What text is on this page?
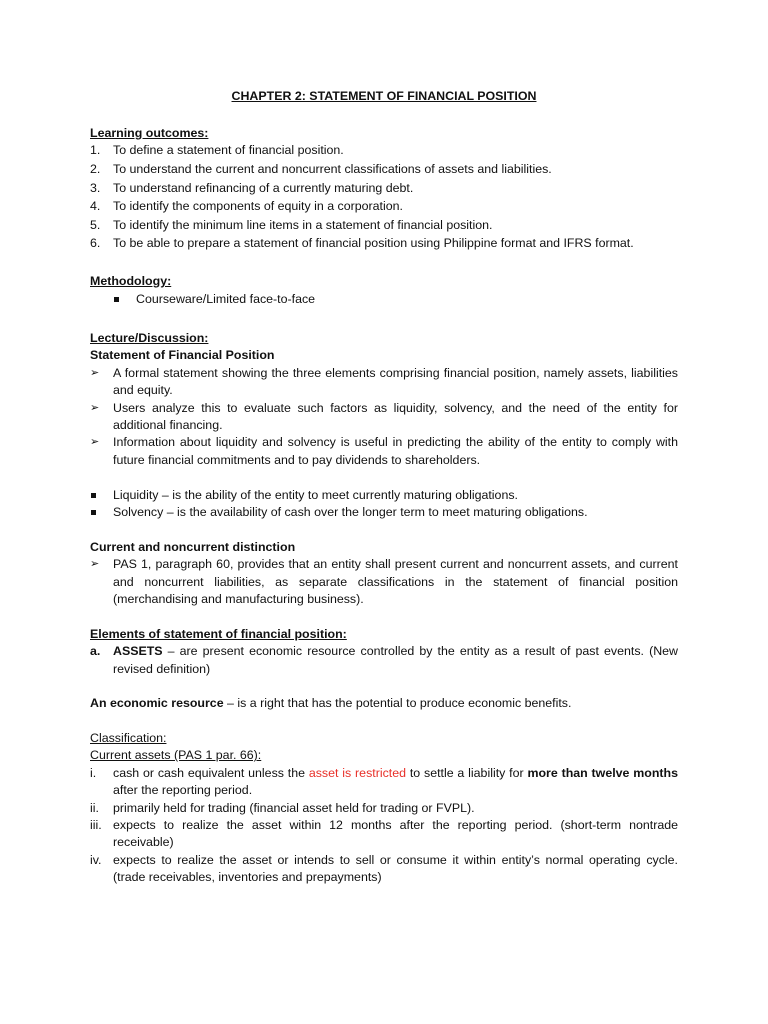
CHAPTER 2: STATEMENT OF FINANCIAL POSITION
Learning outcomes:
1. To define a statement of financial position.
2. To understand the current and noncurrent classifications of assets and liabilities.
3. To understand refinancing of a currently maturing debt.
4. To identify the components of equity in a corporation.
5. To identify the minimum line items in a statement of financial position.
6. To be able to prepare a statement of financial position using Philippine format and IFRS format.
Methodology:
Courseware/Limited face-to-face
Lecture/Discussion:
Statement of Financial Position
➢ A formal statement showing the three elements comprising financial position, namely assets, liabilities and equity.
➢ Users analyze this to evaluate such factors as liquidity, solvency, and the need of the entity for additional financing.
➢ Information about liquidity and solvency is useful in predicting the ability of the entity to comply with future financial commitments and to pay dividends to shareholders.
Liquidity – is the ability of the entity to meet currently maturing obligations.
Solvency – is the availability of cash over the longer term to meet maturing obligations.
Current and noncurrent distinction
➢ PAS 1, paragraph 60, provides that an entity shall present current and noncurrent assets, and current and noncurrent liabilities, as separate classifications in the statement of financial position (merchandising and manufacturing business).
Elements of statement of financial position:
a. ASSETS – are present economic resource controlled by the entity as a result of past events. (New revised definition)
An economic resource – is a right that has the potential to produce economic benefits.
Classification:
Current assets (PAS 1 par. 66):
i. cash or cash equivalent unless the asset is restricted to settle a liability for more than twelve months after the reporting period.
ii. primarily held for trading (financial asset held for trading or FVPL).
iii. expects to realize the asset within 12 months after the reporting period. (short-term nontrade receivable)
iv. expects to realize the asset or intends to sell or consume it within entity’s normal operating cycle. (trade receivables, inventories and prepayments)
